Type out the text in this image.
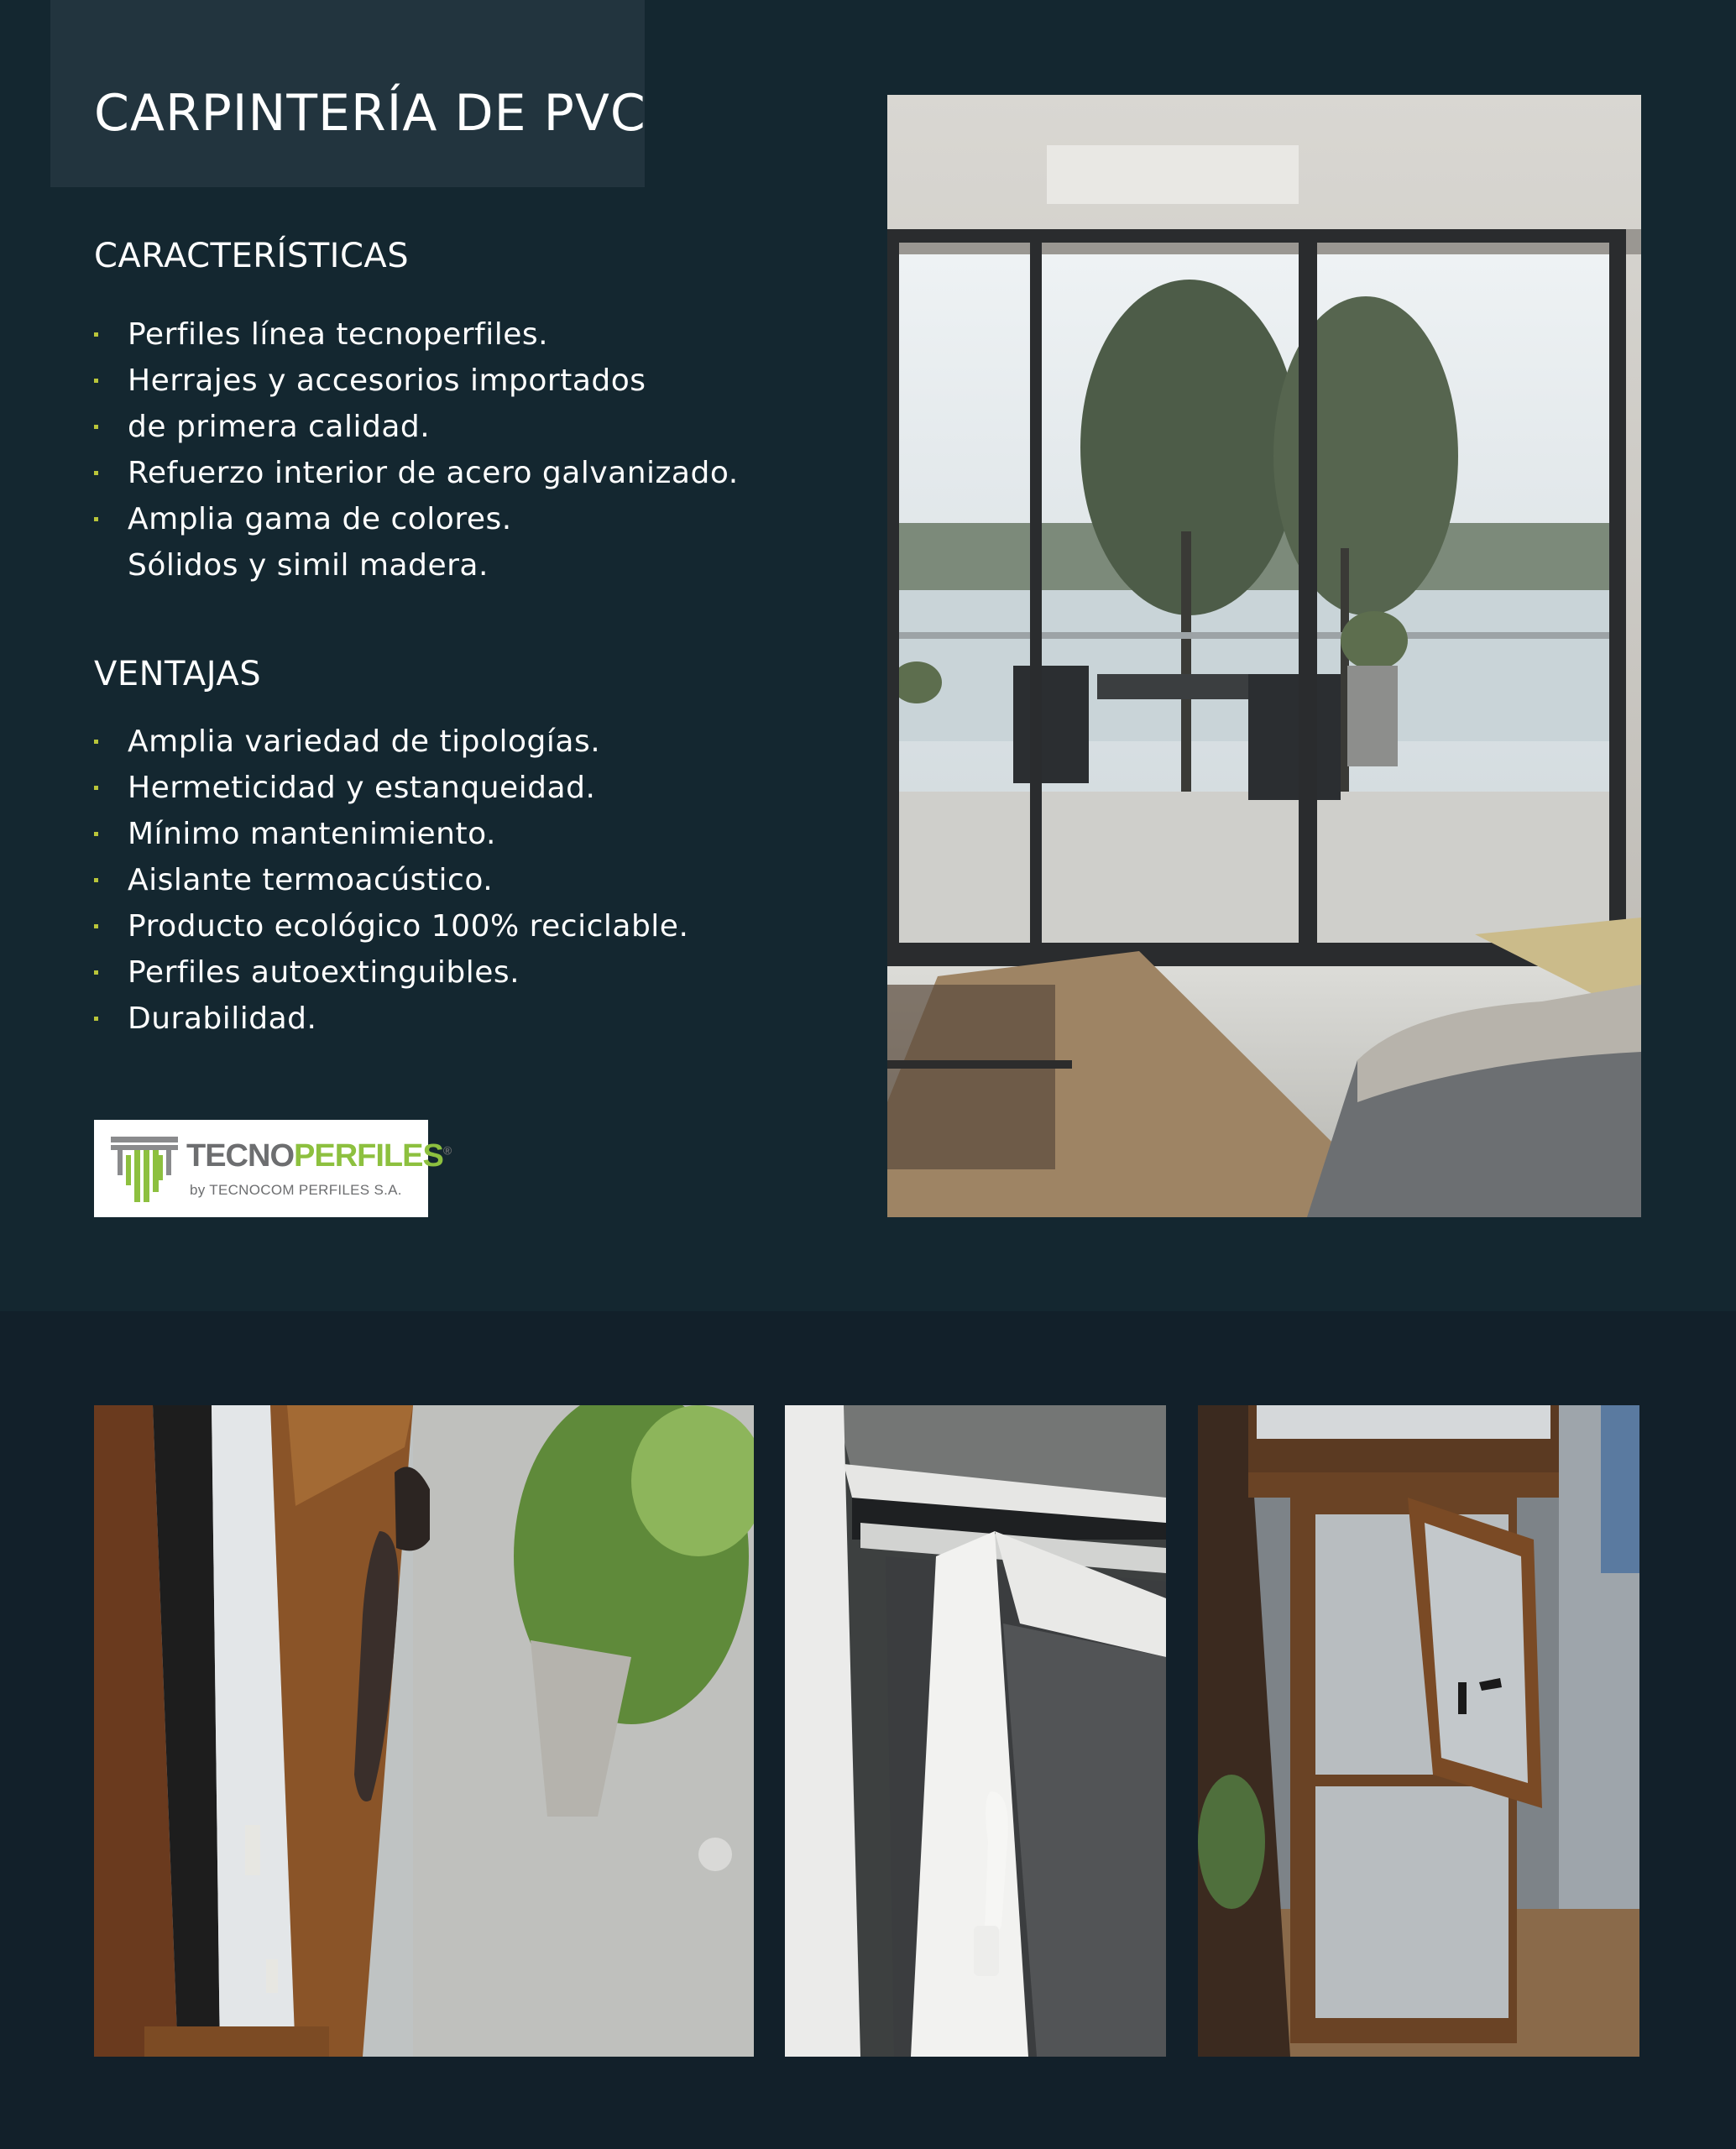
CARPINTERÍA DE PVC
CARACTERÍSTICAS
Perfiles línea tecnoperfiles.
Herrajes y accesorios importados
de primera calidad.
Refuerzo interior de acero galvanizado.
Amplia gama de colores.
Sólidos y simil madera.
VENTAJAS
Amplia variedad de tipologías.
Hermeticidad y estanqueidad.
Mínimo mantenimiento.
Aislante termoacústico.
Producto ecológico 100% reciclable.
Perfiles autoextinguibles.
Durabilidad.
TECNOPERFILES®
by TECNOCOM PERFILES S.A.
